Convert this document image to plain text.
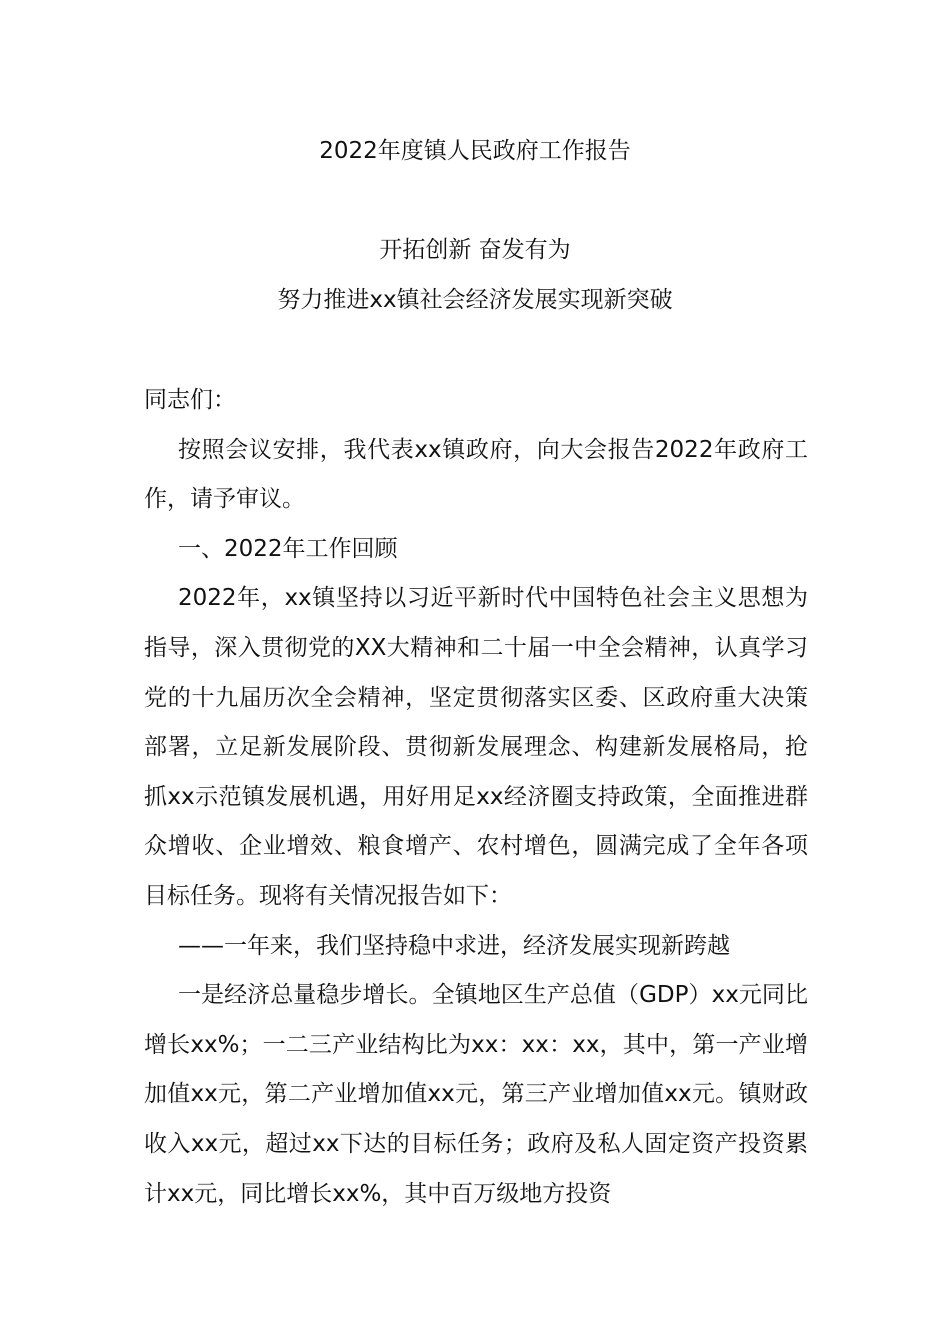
2022年度镇人民政府工作报告
开拓创新 奋发有为
努力推进xx镇社会经济发展实现新突破

同志们：

按照会议安排，我代表xx镇政府，向大会报告2022年政府工作，请予审议。

一、2022年工作回顾

2022年，xx镇坚持以习近平新时代中国特色社会主义思想为指导，深入贯彻党的XX大精神和二十届一中全会精神，认真学习党的十九届历次全会精神，坚定贯彻落实区委、区政府重大决策部署，立足新发展阶段、贯彻新发展理念、构建新发展格局，抢抓xx示范镇发展机遇，用好用足xx经济圈支持政策，全面推进群众增收、企业增效、粮食增产、农村增色，圆满完成了全年各项目标任务。现将有关情况报告如下：

——一年来，我们坚持稳中求进，经济发展实现新跨越

一是经济总量稳步增长。全镇地区生产总值（GDP）xx元同比增长xx%；一二三产业结构比为xx：xx：xx，其中，第一产业增加值xx元，第二产业增加值xx元，第三产业增加值xx元。镇财政收入xx元，超过xx下达的目标任务；政府及私人固定资产投资累计xx元，同比增长xx%，其中百万级地方投资
